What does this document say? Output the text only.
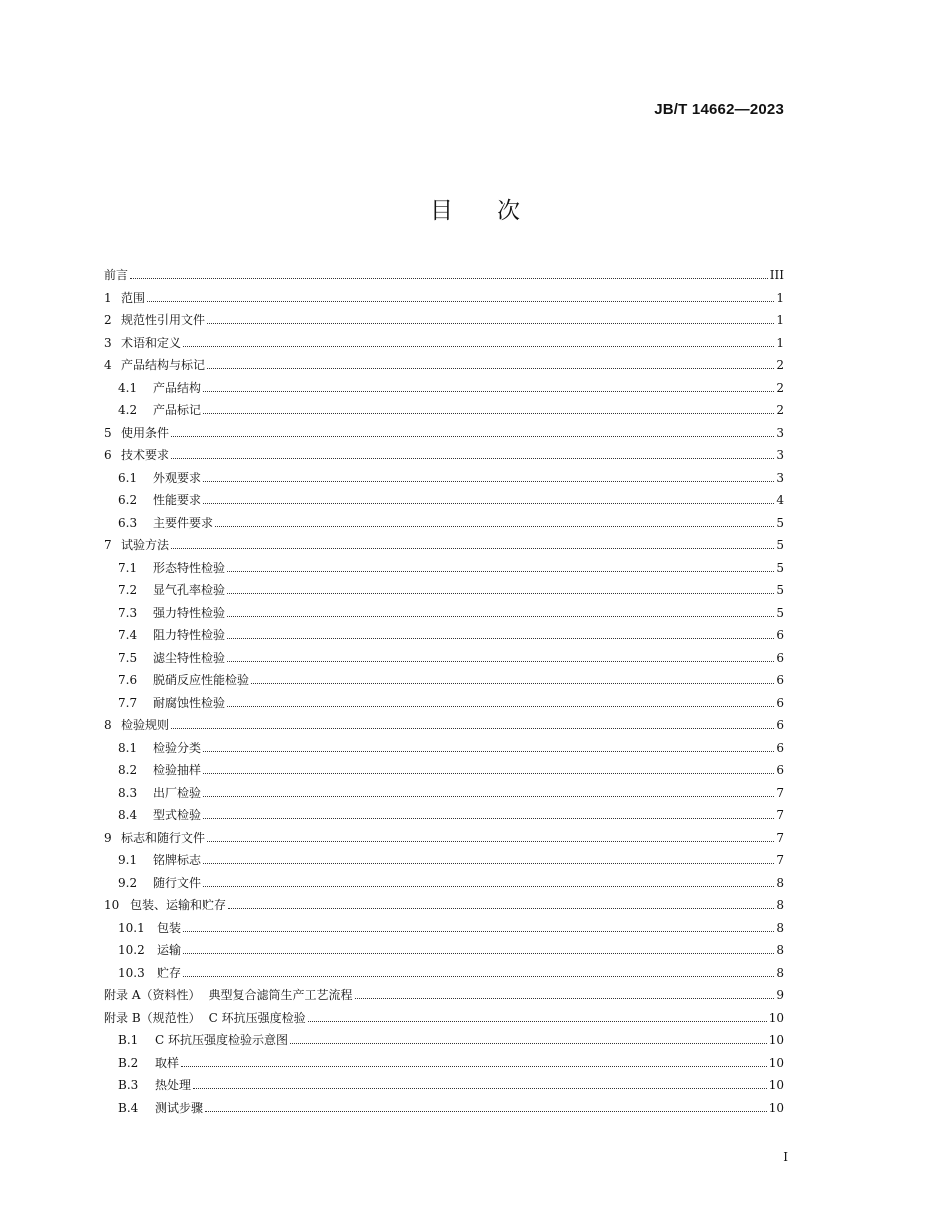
JB/T 14662—2023
目 次
前言	III
1 范围	1
2 规范性引用文件	1
3 术语和定义	1
4 产品结构与标记	2
4.1	产品结构	2
4.2	产品标记	2
5 使用条件	3
6 技术要求	3
6.1	外观要求	3
6.2	性能要求	4
6.3	主要件要求	5
7 试验方法	5
7.1	形态特性检验	5
7.2	显气孔率检验	5
7.3	强力特性检验	5
7.4	阻力特性检验	6
7.5	滤尘特性检验	6
7.6	脱硝反应性能检验	6
7.7	耐腐蚀性检验	6
8 检验规则	6
8.1	检验分类	6
8.2	检验抽样	6
8.3	出厂检验	7
8.4	型式检验	7
9 标志和随行文件	7
9.1	铭牌标志	7
9.2	随行文件	8
10 包装、运输和贮存	8
10.1	包装	8
10.2	运输	8
10.3	贮存	8
附录 A（资料性） 典型复合滤筒生产工艺流程	9
附录 B（规范性） C 环抗压强度检验	10
B.1	C 环抗压强度检验示意图	10
B.2	取样	10
B.3	热处理	10
B.4	测试步骤	10
I
